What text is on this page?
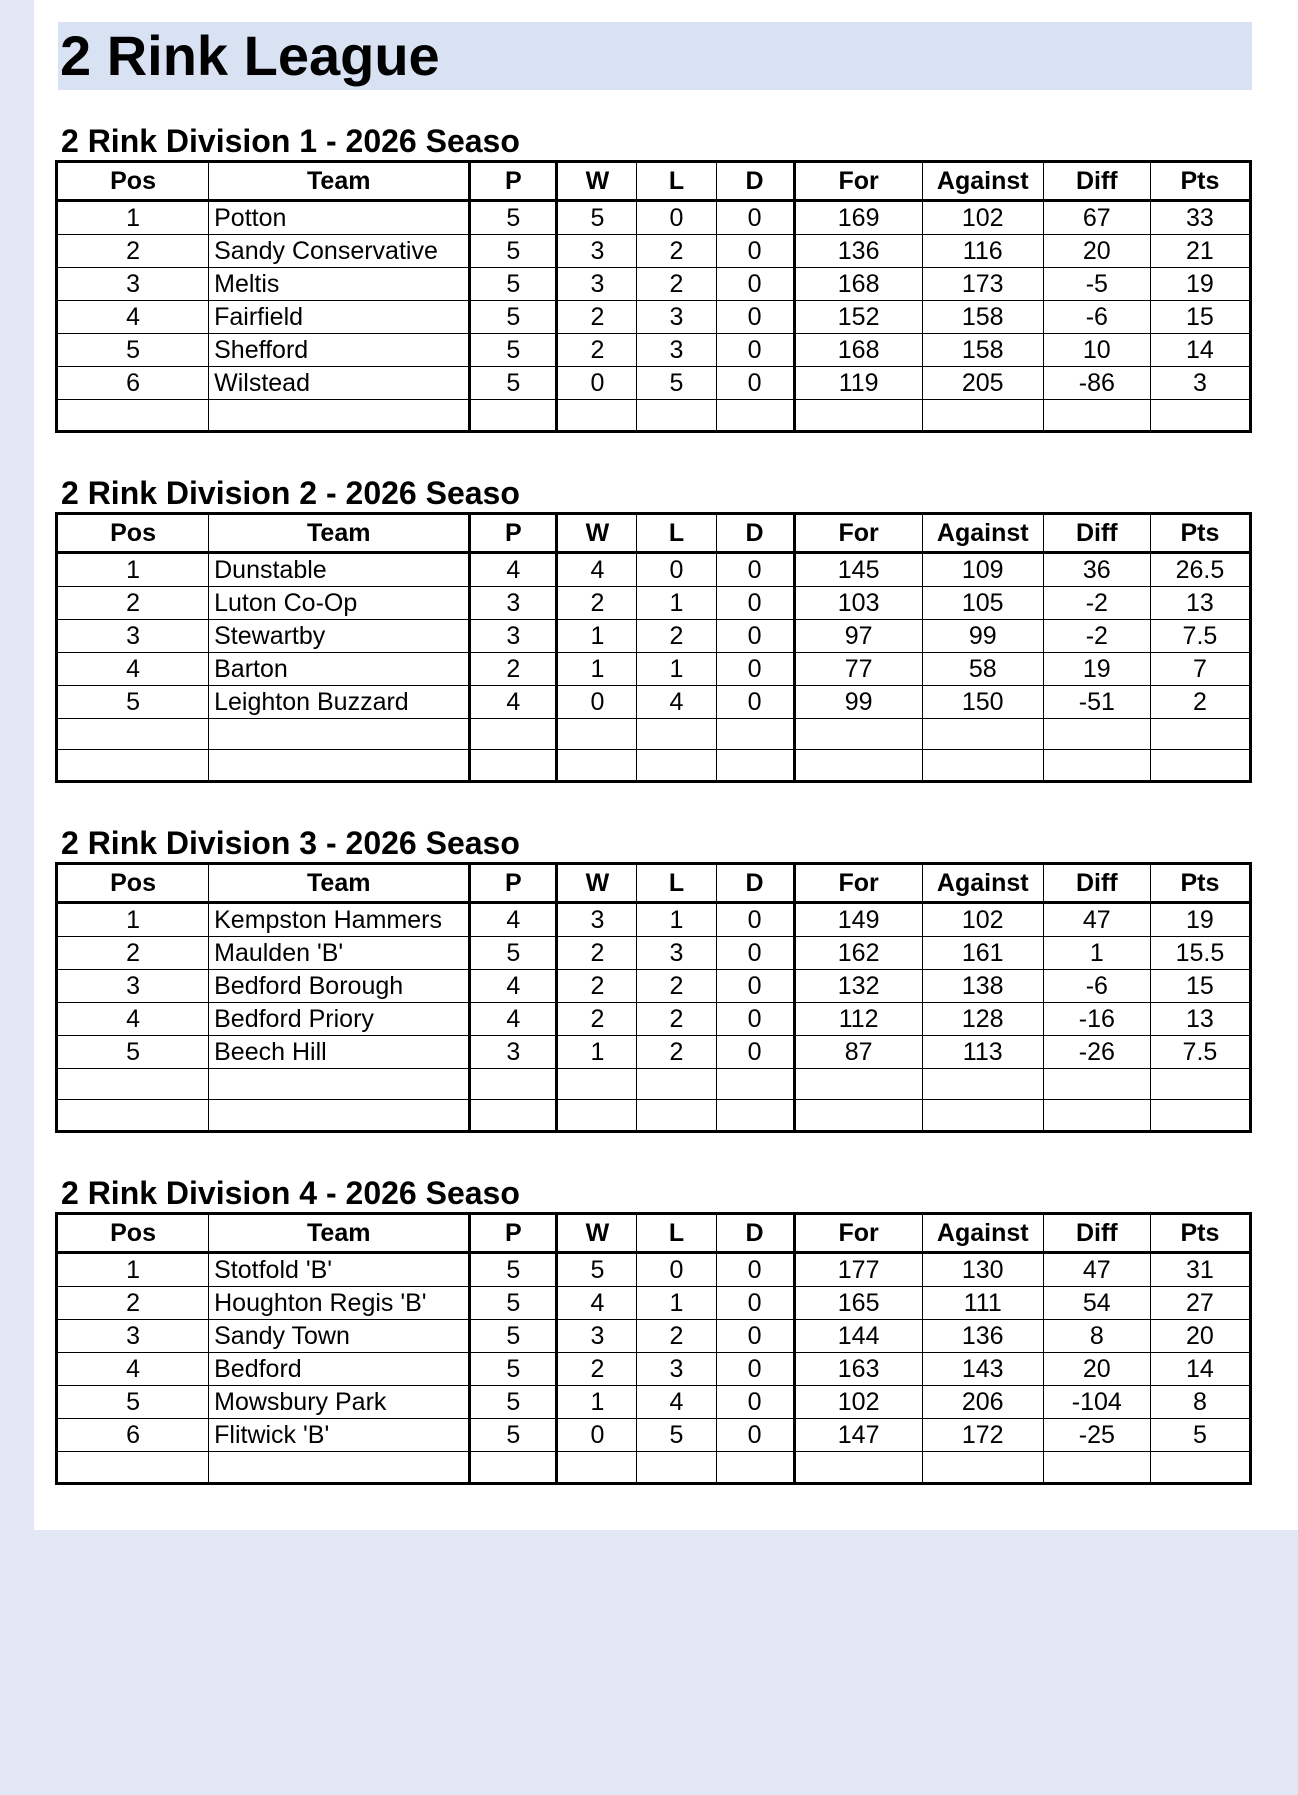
2 Rink League
2 Rink Division 1 - 2026 Seaso
Pos	Team	P	W	L	D	For	Against	Diff	Pts
1	Potton	5	5	0	0	169	102	67	33
2	Sandy Conservative	5	3	2	0	136	116	20	21
3	Meltis	5	3	2	0	168	173	-5	19
4	Fairfield	5	2	3	0	152	158	-6	15
5	Shefford	5	2	3	0	168	158	10	14
6	Wilstead	5	0	5	0	119	205	-86	3

2 Rink Division 2 - 2026 Seaso
Pos	Team	P	W	L	D	For	Against	Diff	Pts
1	Dunstable	4	4	0	0	145	109	36	26.5
2	Luton Co-Op	3	2	1	0	103	105	-2	13
3	Stewartby	3	1	2	0	97	99	-2	7.5
4	Barton	2	1	1	0	77	58	19	7
5	Leighton Buzzard	4	0	4	0	99	150	-51	2

2 Rink Division 3 - 2026 Seaso
Pos	Team	P	W	L	D	For	Against	Diff	Pts
1	Kempston Hammers	4	3	1	0	149	102	47	19
2	Maulden 'B'	5	2	3	0	162	161	1	15.5
3	Bedford Borough	4	2	2	0	132	138	-6	15
4	Bedford Priory	4	2	2	0	112	128	-16	13
5	Beech Hill	3	1	2	0	87	113	-26	7.5

2 Rink Division 4 - 2026 Seaso
Pos	Team	P	W	L	D	For	Against	Diff	Pts
1	Stotfold 'B'	5	5	0	0	177	130	47	31
2	Houghton Regis 'B'	5	4	1	0	165	111	54	27
3	Sandy Town	5	3	2	0	144	136	8	20
4	Bedford	5	2	3	0	163	143	20	14
5	Mowsbury Park	5	1	4	0	102	206	-104	8
6	Flitwick 'B'	5	0	5	0	147	172	-25	5
